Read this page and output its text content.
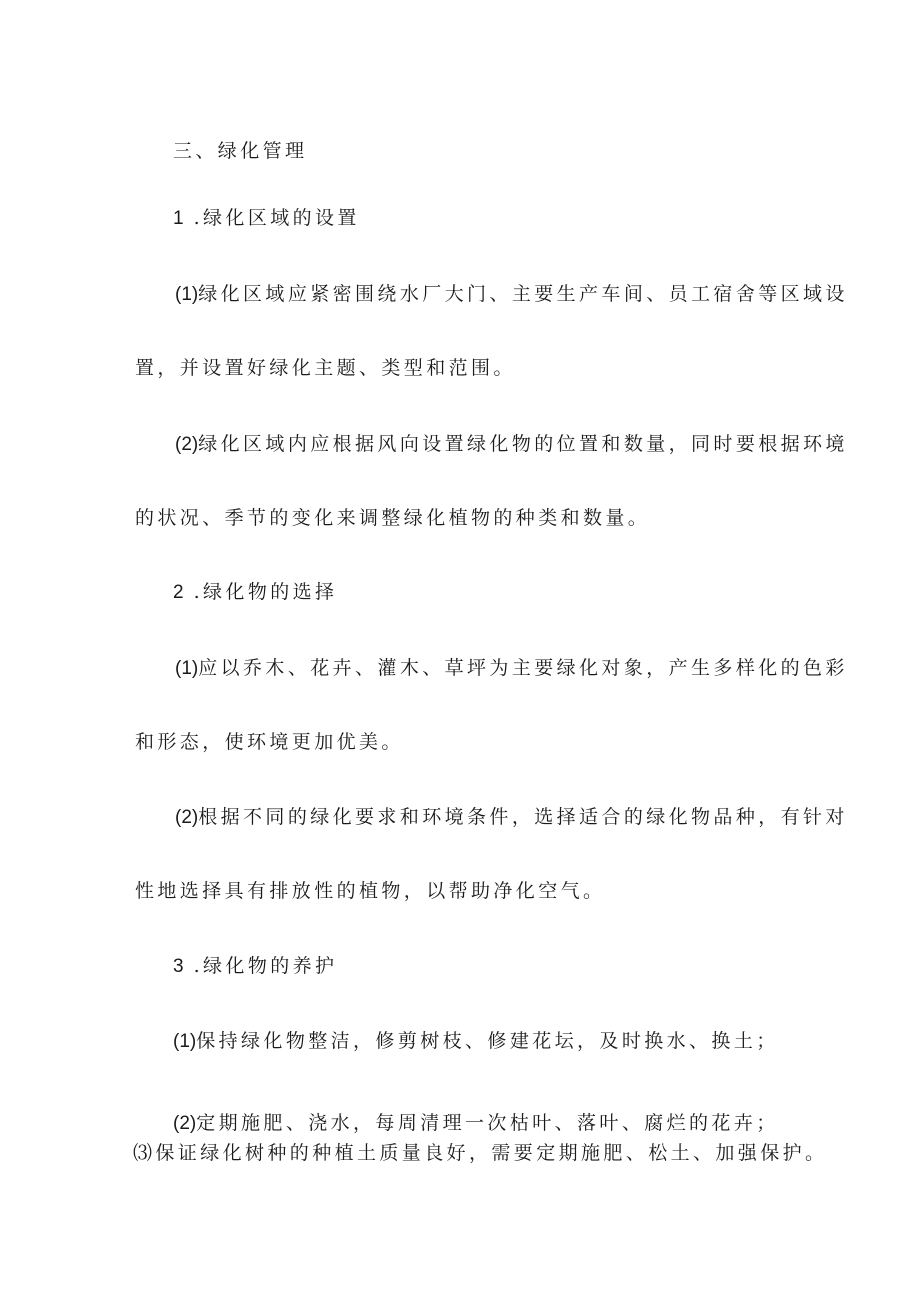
三、绿化管理
1 .绿化区域的设置
(1)绿化区域应紧密围绕水厂大门、主要生产车间、员工宿舍等区域设
置，并设置好绿化主题、类型和范围。
(2)绿化区域内应根据风向设置绿化物的位置和数量，同时要根据环境
的状况、季节的变化来调整绿化植物的种类和数量。
2 .绿化物的选择
(1)应以乔木、花卉、灌木、草坪为主要绿化对象，产生多样化的色彩
和形态，使环境更加优美。
(2)根据不同的绿化要求和环境条件，选择适合的绿化物品种，有针对
性地选择具有排放性的植物，以帮助净化空气。
3 .绿化物的养护
(1)保持绿化物整洁，修剪树枝、修建花坛，及时换水、换土；
(2)定期施肥、浇水，每周清理一次枯叶、落叶、腐烂的花卉；
⑶保证绿化树种的种植土质量良好，需要定期施肥、松土、加强保护。
